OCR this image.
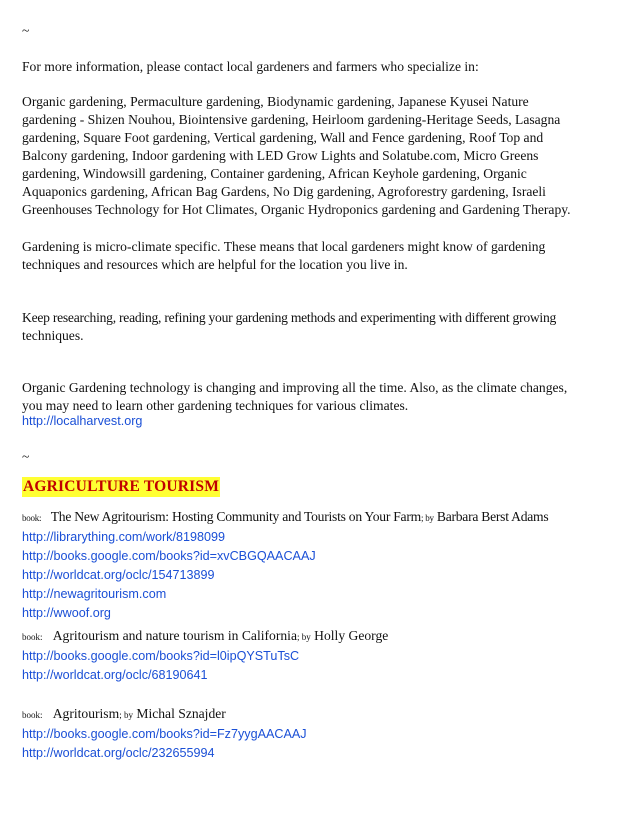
~

For more information, please contact local gardeners and farmers who specialize in:

Organic gardening, Permaculture gardening, Biodynamic gardening, Japanese Kyusei Nature

gardening - Shizen Nouhou, Biointensive gardening, Heirloom gardening-Heritage Seeds, Lasagna

gardening, Square Foot gardening, Vertical gardening, Wall and Fence gardening, Roof Top and

Balcony gardening, Indoor gardening with LED Grow Lights and Solatube.com, Micro Greens

gardening, Windowsill gardening, Container gardening, African Keyhole gardening, Organic

Aquaponics gardening, African Bag Gardens, No Dig gardening, Agroforestry gardening, Israeli

Greenhouses Technology for Hot Climates, Organic Hydroponics gardening and Gardening Therapy.

Gardening is micro-climate specific. These means that local gardeners might know of gardening

techniques and resources which are helpful for the location you live in.

Keep researching, reading, refining your gardening methods and experimenting with different growing

techniques.

Organic Gardening technology is changing and improving all the time. Also, as the climate changes,

you may need to learn other gardening techniques for various climates.

http://localharvest.org

~

AGRICULTURE TOURISM

book: The New Agritourism: Hosting Community and Tourists on Your Farm; by Barbara Berst Adams

http://librarything.com/work/8198099
http://books.google.com/books?id=xvCBGQAACAAJ
http://worldcat.org/oclc/154713899
http://newagritourism.com
http://wwoof.org

book: Agritourism and nature tourism in California; by Holly George

http://books.google.com/books?id=l0ipQYSTuTsC
http://worldcat.org/oclc/68190641

book: Agritourism; by Michal Sznajder

http://books.google.com/books?id=Fz7yygAACAAJ
http://worldcat.org/oclc/232655994
